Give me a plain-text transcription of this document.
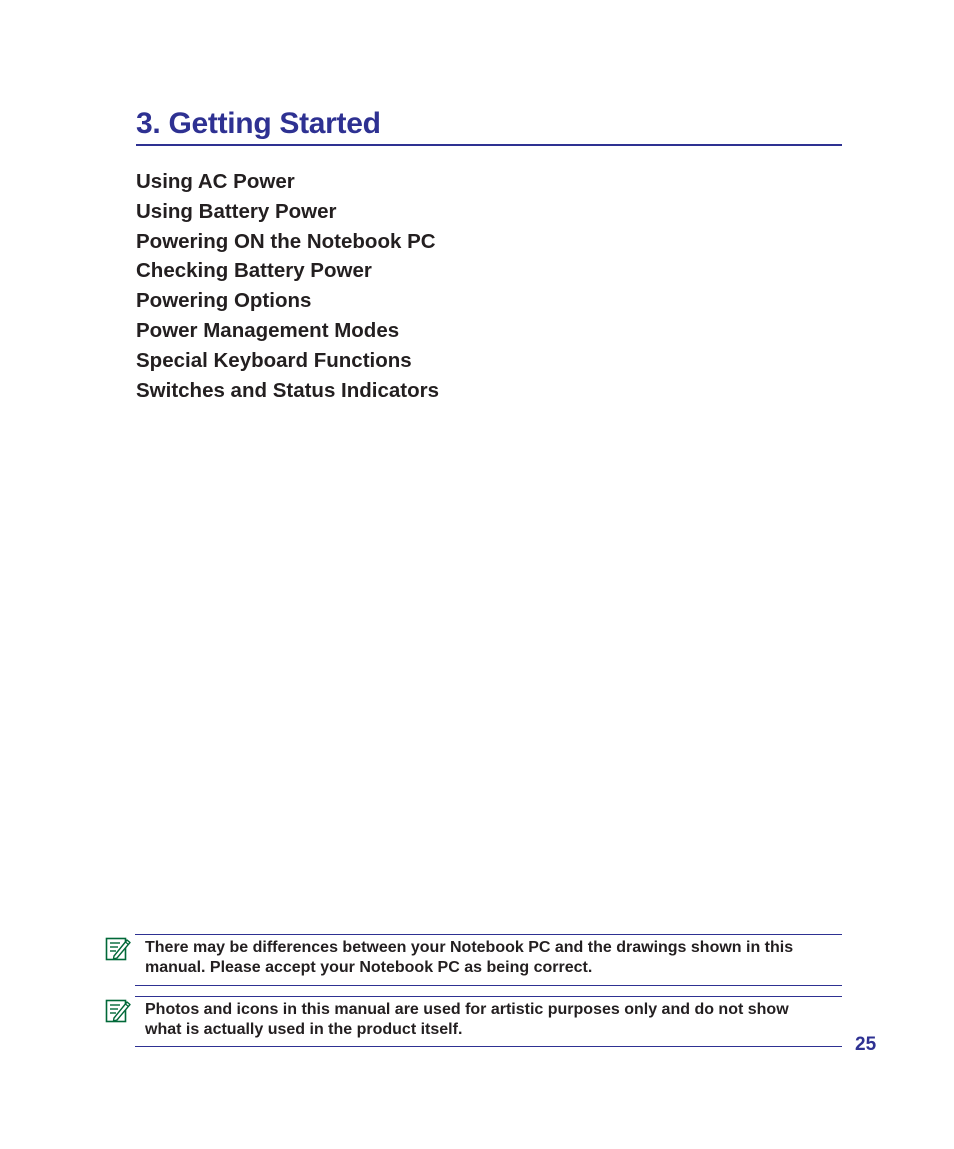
3. Getting Started
Using AC Power
Using Battery Power
Powering ON the Notebook PC
Checking Battery Power
Powering Options
Power Management Modes
Special Keyboard Functions
Switches and Status Indicators
There may be differences between your Notebook PC and the drawings shown in this manual. Please accept your Notebook PC as being correct.
Photos and icons in this manual are used for artistic purposes only and do not show what is actually used in the product itself.
25
